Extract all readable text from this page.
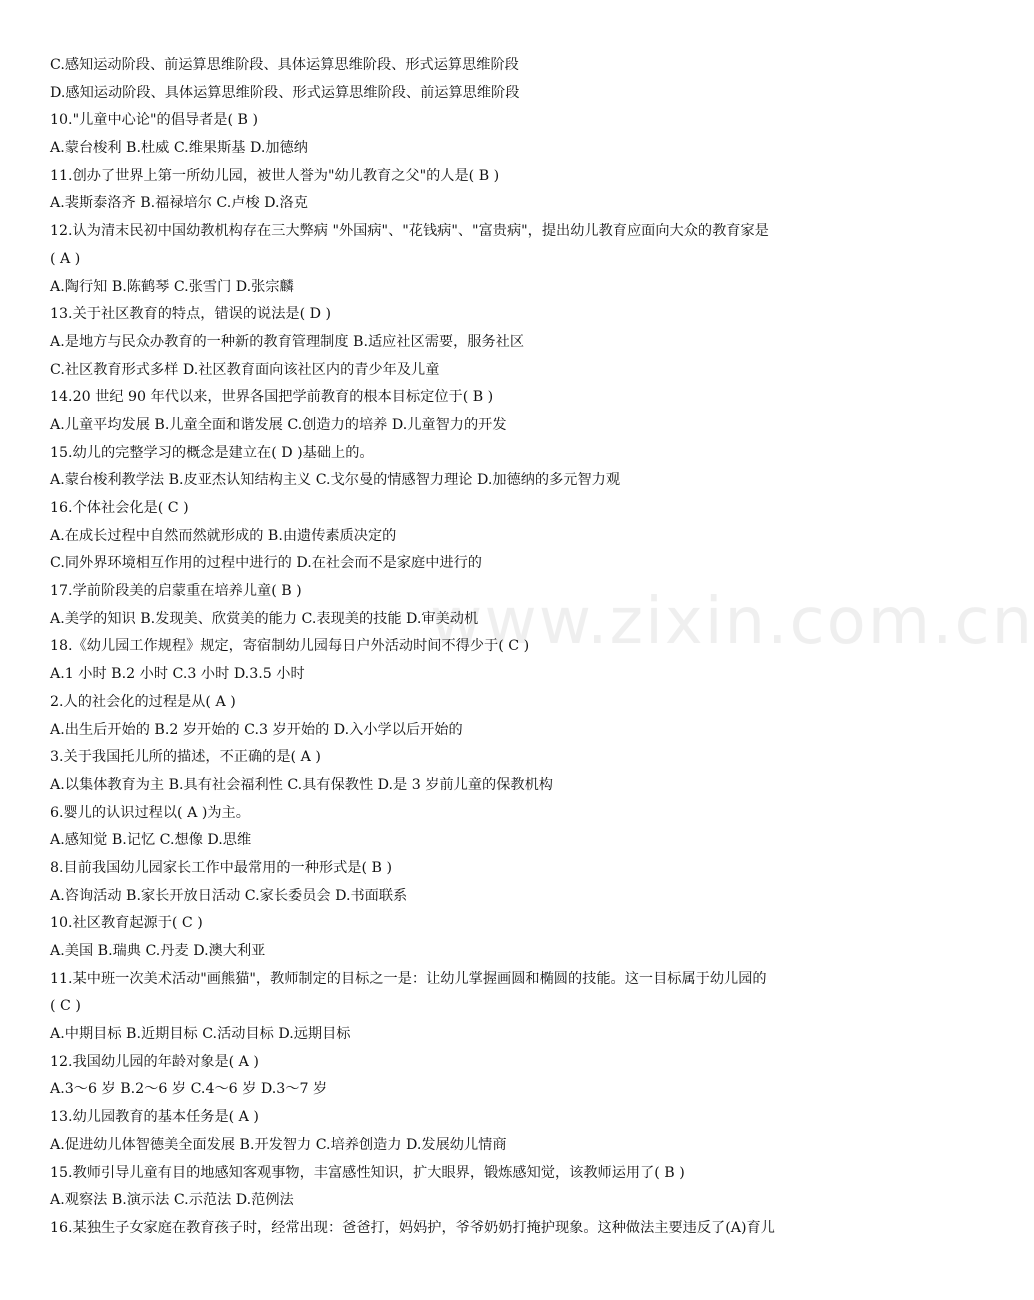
www.zixin.com.cn
C.感知运动阶段、前运算思维阶段、具体运算思维阶段、形式运算思维阶段
D.感知运动阶段、具体运算思维阶段、形式运算思维阶段、前运算思维阶段
10."儿童中心论"的倡导者是( B )
A.蒙台梭利 B.杜威 C.维果斯基 D.加德纳
11.创办了世界上第一所幼儿园，被世人誉为"幼儿教育之父"的人是( B )
A.裴斯泰洛齐 B.福禄培尔 C.卢梭 D.洛克
12.认为清末民初中国幼教机构存在三大弊病 "外国病"、"花钱病"、"富贵病"，提出幼儿教育应面向大众的教育家是
( A )
A.陶行知 B.陈鹤琴 C.张雪门 D.张宗麟
13.关于社区教育的特点，错误的说法是( D )
A.是地方与民众办教育的一种新的教育管理制度 B.适应社区需要，服务社区
C.社区教育形式多样 D.社区教育面向该社区内的青少年及儿童
14.20 世纪 90 年代以来，世界各国把学前教育的根本目标定位于( B )
A.儿童平均发展 B.儿童全面和谐发展 C.创造力的培养 D.儿童智力的开发
15.幼儿的完整学习的概念是建立在( D )基础上的。
A.蒙台梭利教学法 B.皮亚杰认知结构主义 C.戈尔曼的情感智力理论 D.加德纳的多元智力观
16.个体社会化是( C )
A.在成长过程中自然而然就形成的 B.由遗传素质决定的
C.同外界环境相互作用的过程中进行的 D.在社会而不是家庭中进行的
17.学前阶段美的启蒙重在培养儿童( B )
A.美学的知识 B.发现美、欣赏美的能力 C.表现美的技能 D.审美动机
18.《幼儿园工作规程》规定，寄宿制幼儿园每日户外活动时间不得少于( C )
A.1 小时 B.2 小时 C.3 小时 D.3.5 小时
2.人的社会化的过程是从( A )
A.出生后开始的 B.2 岁开始的 C.3 岁开始的 D.入小学以后开始的
3.关于我国托儿所的描述，不正确的是( A )
A.以集体教育为主 B.具有社会福利性 C.具有保教性 D.是 3 岁前儿童的保教机构
6.婴儿的认识过程以( A )为主。
A.感知觉 B.记忆 C.想像 D.思维
8.目前我国幼儿园家长工作中最常用的一种形式是( B )
A.咨询活动 B.家长开放日活动 C.家长委员会 D.书面联系
10.社区教育起源于( C )
A.美国 B.瑞典 C.丹麦 D.澳大利亚
11.某中班一次美术活动"画熊猫"，教师制定的目标之一是：让幼儿掌握画圆和椭圆的技能。这一目标属于幼儿园的
( C )
A.中期目标 B.近期目标 C.活动目标 D.远期目标
12.我国幼儿园的年龄对象是( A )
A.3～6 岁 B.2～6 岁 C.4～6 岁 D.3～7 岁
13.幼儿园教育的基本任务是( A )
A.促进幼儿体智德美全面发展 B.开发智力 C.培养创造力 D.发展幼儿情商
15.教师引导儿童有目的地感知客观事物，丰富感性知识，扩大眼界，锻炼感知觉，该教师运用了( B )
A.观察法 B.演示法 C.示范法 D.范例法
16.某独生子女家庭在教育孩子时，经常出现：爸爸打，妈妈护，爷爷奶奶打掩护现象。这种做法主要违反了(A)育儿
